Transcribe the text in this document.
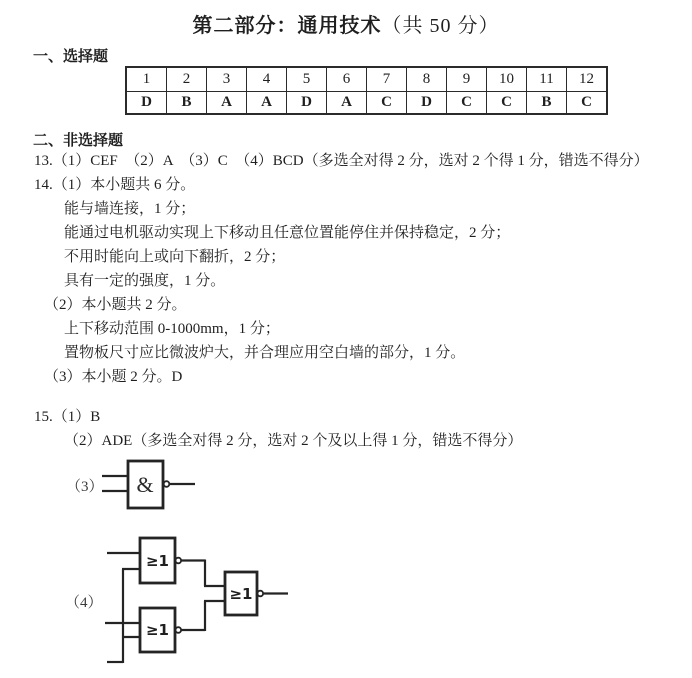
第二部分：通用技术（共 50 分）
一、选择题
1	2	3	4	5	6	7	8	9	10	11	12
D	B	A	A	D	A	C	D	C	C	B	C
二、非选择题
13.（1）CEF　（2）A　（3）C　（4）BCD（多选全对得 2 分，选对 2 个得 1 分，错选不得分）
14.（1）本小题共 6 分。
能与墙连接，1 分；
能通过电机驱动实现上下移动且任意位置能停住并保持稳定，2 分；
不用时能向上或向下翻折，2 分；
具有一定的强度，1 分。
（2）本小题共 2 分。
上下移动范围 0-1000mm，1 分；
置物板尺寸应比微波炉大，并合理应用空白墙的部分，1 分。
（3）本小题 2 分。D
15.（1）B
（2）ADE（多选全对得 2 分，选对 2 个及以上得 1 分，错选不得分）
（3） &
（4）
≥1
≥1
≥1
